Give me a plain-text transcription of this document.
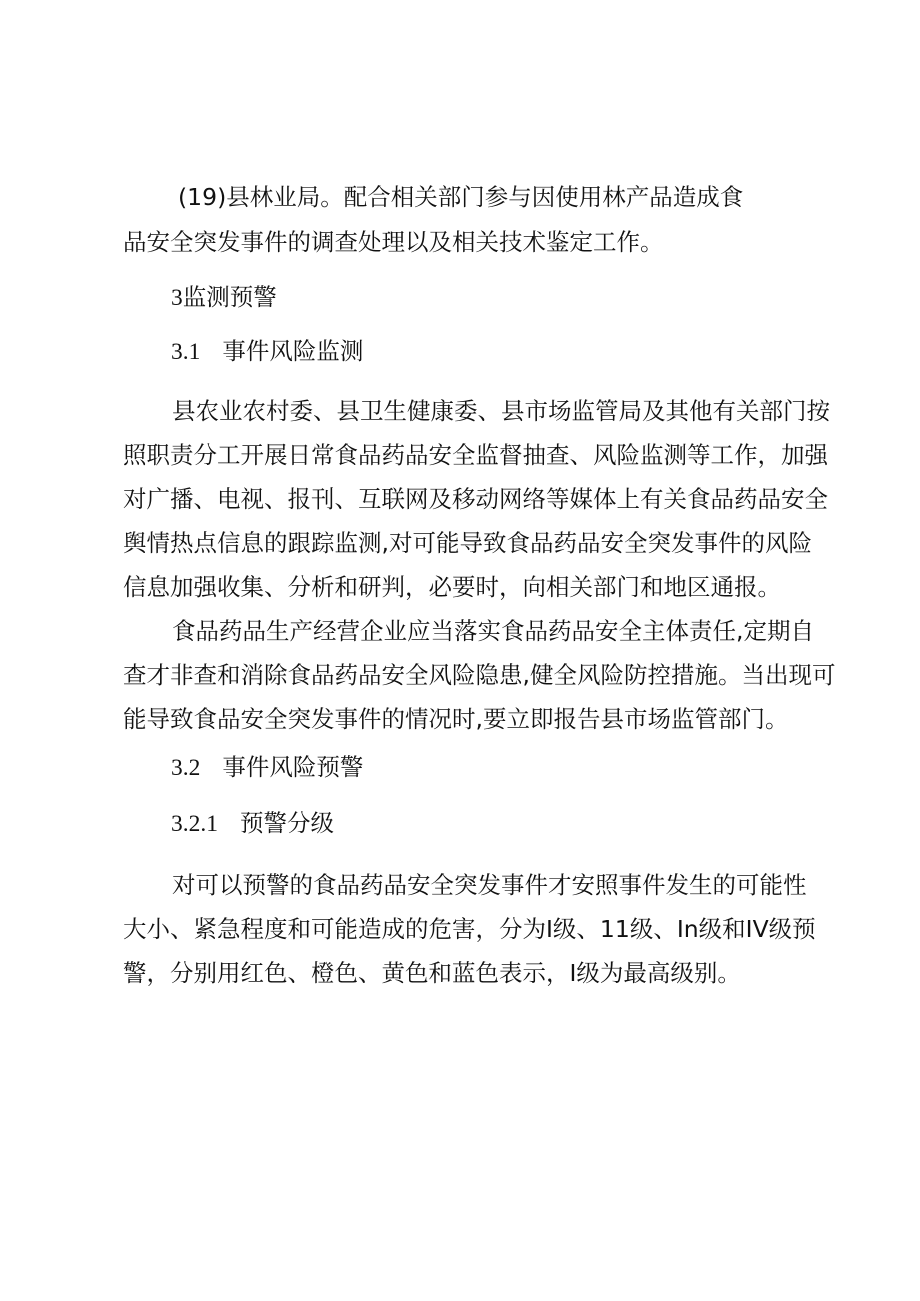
(19)县林业局。配合相关部门参与因使用林产品造成食
品安全突发事件的调查处理以及相关技术鉴定工作。
3监测预警
3.1 事件风险监测
县农业农村委、县卫生健康委、县市场监管局及其他有关部门按
照职责分工开展日常食品药品安全监督抽查、风险监测等工作，加强
对广播、电视、报刊、互联网及移动网络等媒体上有关食品药品安全
舆情热点信息的跟踪监测,对可能导致食品药品安全突发事件的风险
信息加强收集、分析和研判，必要时，向相关部门和地区通报。
食品药品生产经营企业应当落实食品药品安全主体责任,定期自
查才非查和消除食品药品安全风险隐患,健全风险防控措施。当出现可
能导致食品安全突发事件的情况时,要立即报告县市场监管部门。
3.2 事件风险预警
3.2.1 预警分级
对可以预警的食品药品安全突发事件才安照事件发生的可能性
大小、紧急程度和可能造成的危害，分为I级、11级、In级和IV级预
警，分别用红色、橙色、黄色和蓝色表示，I级为最高级别。
